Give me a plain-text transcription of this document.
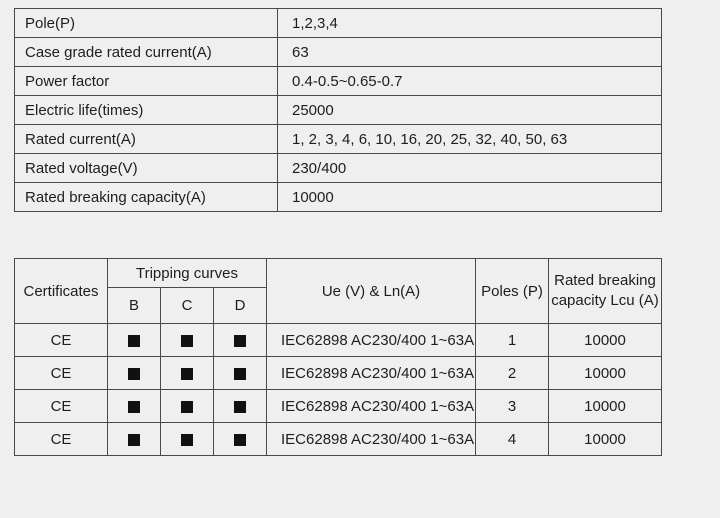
Pole(P)	1,2,3,4
Case grade rated current(A)	63
Power factor	0.4-0.5~0.65-0.7
Electric life(times)	25000
Rated current(A)	1, 2, 3, 4, 6, 10, 16, 20, 25, 32, 40, 50, 63
Rated voltage(V)	230/400
Rated breaking capacity(A)	10000
Certificates	Tripping curves			Ue (V) & Ln(A)	Poles (P)	Rated breaking
capacity Lcu (A)

	B	C	D			
CE				IEC62898 AC230/400 1~63A	1	10000
CE				IEC62898 AC230/400 1~63A	2	10000
CE				IEC62898 AC230/400 1~63A	3	10000
CE				IEC62898 AC230/400 1~63A	4	10000
